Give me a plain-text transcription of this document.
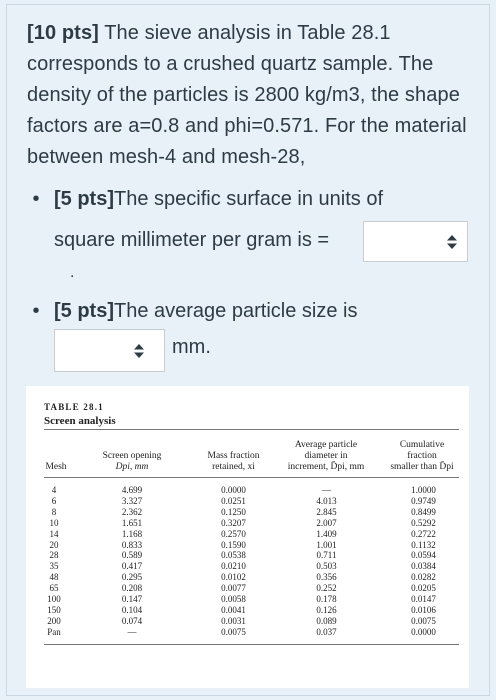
[10 pts] The sieve analysis in Table 28.1 corresponds to a crushed quartz sample. The density of the particles is 2800 kg/m3, the shape factors are a=0.8 and phi=0.571. For the material between mesh-4 and mesh-28,
• [5 pts]The specific surface in units of
square millimeter per gram is =
.
• [5 pts]The average particle size is
mm.
TABLE 28.1
Screen analysis
Mesh
Screen opening
Dpi, mm
Mass fraction
retained, xi
Average particle
diameter in
increment, D̄pi, mm
Cumulative
fraction
smaller than D̄pi
4
6
8
10
14
20
28
35
48
65
100
150
200
Pan
4.699
3.327
2.362
1.651
1.168
0.833
0.589
0.417
0.295
0.208
0.147
0.104
0.074
—
0.0000
0.0251
0.1250
0.3207
0.2570
0.1590
0.0538
0.0210
0.0102
0.0077
0.0058
0.0041
0.0031
0.0075
—
4.013
2.845
2.007
1.409
1.001
0.711
0.503
0.356
0.252
0.178
0.126
0.089
0.037
1.0000
0.9749
0.8499
0.5292
0.2722
0.1132
0.0594
0.0384
0.0282
0.0205
0.0147
0.0106
0.0075
0.0000
